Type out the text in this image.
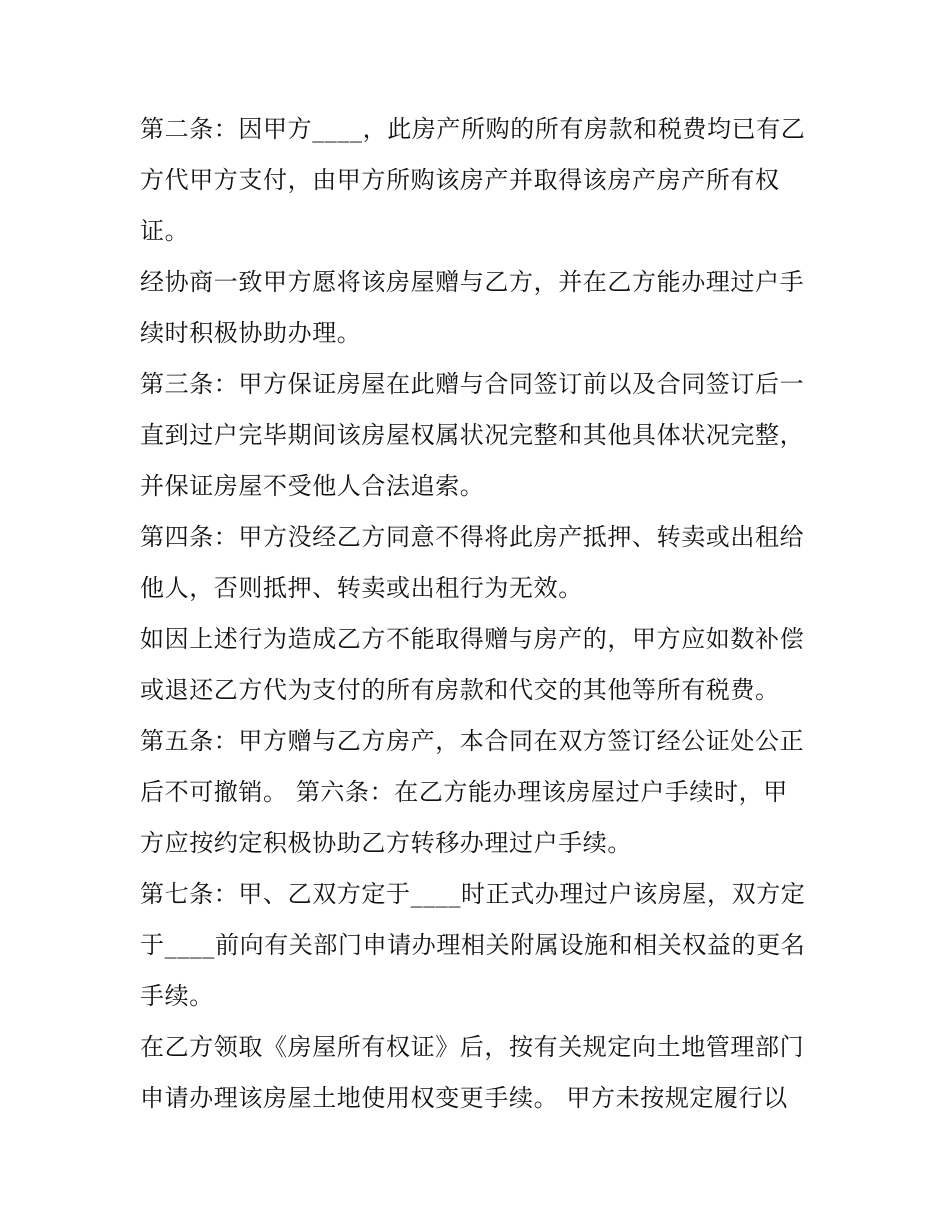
第二条：因甲方____，此房产所购的所有房款和税费均已有乙
方代甲方支付，由甲方所购该房产并取得该房产房产所有权
证。
经协商一致甲方愿将该房屋赠与乙方，并在乙方能办理过户手
续时积极协助办理。
第三条：甲方保证房屋在此赠与合同签订前以及合同签订后一
直到过户完毕期间该房屋权属状况完整和其他具体状况完整，
并保证房屋不受他人合法追索。
第四条：甲方没经乙方同意不得将此房产抵押、转卖或出租给
他人，否则抵押、转卖或出租行为无效。
如因上述行为造成乙方不能取得赠与房产的，甲方应如数补偿
或退还乙方代为支付的所有房款和代交的其他等所有税费。
第五条：甲方赠与乙方房产，本合同在双方签订经公证处公正
后不可撤销。 第六条：在乙方能办理该房屋过户手续时，甲
方应按约定积极协助乙方转移办理过户手续。
第七条：甲、乙双方定于____时正式办理过户该房屋，双方定
于____前向有关部门申请办理相关附属设施和相关权益的更名
手续。
在乙方领取《房屋所有权证》后，按有关规定向土地管理部门
申请办理该房屋土地使用权变更手续。 甲方未按规定履行以
